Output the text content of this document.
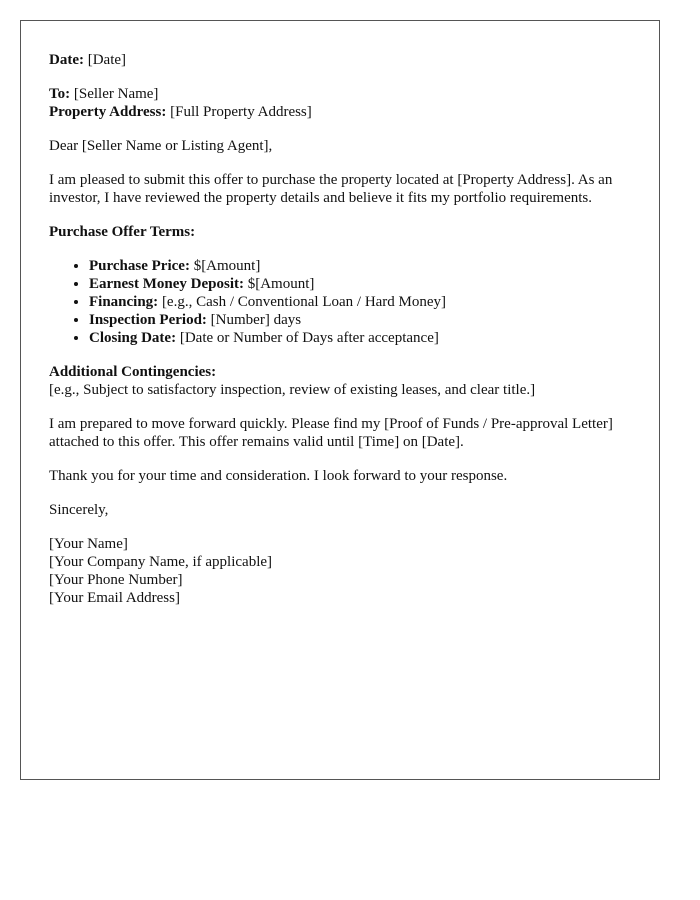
Date: [Date]

To: [Seller Name]
Property Address: [Full Property Address]

Dear [Seller Name or Listing Agent],

I am pleased to submit this offer to purchase the property located at [Property Address]. As an investor, I have reviewed the property details and believe it fits my portfolio requirements.

Purchase Offer Terms:

• Purchase Price: $[Amount]
• Earnest Money Deposit: $[Amount]
• Financing: [e.g., Cash / Conventional Loan / Hard Money]
• Inspection Period: [Number] days
• Closing Date: [Date or Number of Days after acceptance]

Additional Contingencies:
[e.g., Subject to satisfactory inspection, review of existing leases, and clear title.]

I am prepared to move forward quickly. Please find my [Proof of Funds / Pre-approval Letter] attached to this offer. This offer remains valid until [Time] on [Date].

Thank you for your time and consideration. I look forward to your response.

Sincerely,

[Your Name]
[Your Company Name, if applicable]
[Your Phone Number]
[Your Email Address]
